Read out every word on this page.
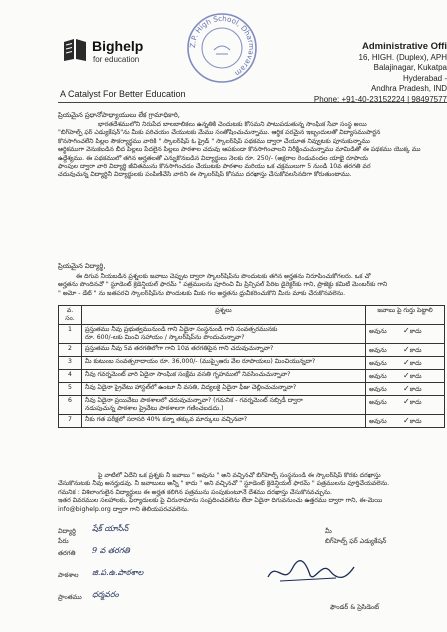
Bighelp
for education
A Catalyst For Better Education
Z.P. High School, Dharmavaram
Administrative Offi
16, HIGH. (Duplex), APH
Balajinagar, Kukatpa
Hyderabad -
Andhra Pradesh, IND
Phone: +91-40-23152224 | 98497577
ప్రియమైన ప్రధానోపాధ్యాయులు లేక గ్రామాధికారి,
భారతదేశములోని నిరుపేద బాలబాలికలు ఉన్నతికి చెందుటకు కోసమని పాటుపడుతున్న సాంఘిక సేవా సంస్థ అయి
"బిగ్‌హెల్ప్ ఫర్ ఎడ్యుకేషన్"ను మీకు పరిచయం చేయుటకు మేము సంతోషించుచున్నాము. ఆర్థిక పరమైన ఇబ్బందులతో విద్యాసముపార్జన
కొనసాగించలేని పిల్లల సౌకర్యార్థము వారికి " స్కాలర్‌షిప్ ఓ ప్రైడ్ " స్కాలర్‌షిప్ పథకము ద్వారా చేయూత నివ్వుటకు పూనుకున్నాము
ఆర్థికముగా వెనుకబడిన బీద పిల్లలు పేదలైన పిల్లలు పాఠశాల చదువు ఆపకుండా కొనసాగించాలని నిరీక్షించుచున్నాము మామిడితో ఈ పథకము యొక్క ము
ఉద్దేశ్యము. ఈ పథకములో తగిన అర్హతలతో ఎన్నుకొనబడిన విద్యార్థులు నెలకు రూ. 250/- (అక్షరాల రెండువందల యాభై రూపాయ
ఫాంపుల ద్వారా వారి విద్యార్థి జీవితమును కొనసాగించడం చేయుటకు పాఠశాల మరియు ఒక చక్రములుగా 5 నుండి 10వ తరగతి వర
చదువుచున్న విద్యార్థినీ విద్యార్థులకు పంపిణీచేసి వారిని ఈ స్కాలర్‌షిప్ కోసము దరఖాస్తు చేసుకోవలసినదిగా కోరుతుంటాము.
ప్రియమైన విద్యార్థి,
ఈ దిగువ నీయబడిన ప్రశ్నలకు జవాబు చెప్పుట ద్వారా స్కాలర్‌షిప్‌ను పొందుటకు తగిన అర్హతను నిరూపించుకోగలరు. ఒక చో
అర్హతను పొందినచో " స్టూడెంట్ క్రెడెన్షియల్ ఫారమ్ " పత్రములను పూరించి మీ ప్రిన్సిపల్ పేరిట డైరెక్టర్‌కు గాని, ప్రాజెక్టు కమిటీ మెంబర్‌కు గాని
" అమో - డేట్ " ను జతపరచి స్కాలర్‌షిప్‌ను పొందుటకు మీకు గల అర్హతను ధ్రువీకరించుకొని మీరు మాకు చేరుకొనవలెను.
వ. సం.	ప్రశ్నలు	జవాబు పై గుర్తు పెట్టాలి
1	ప్రస్తుతము నీవు ప్రభుత్వమునుండి గాని ఏదైనా సంస్థనుండి గాని సంవత్సరమునకు
రూ. 600/-లకు మించి సహాయం / స్కాలర్‌షిప్‌ను పొందుచున్నావా?	అవును ✓కాదు
2	ప్రస్తుతము నీవు 5వ తరగతిలోగా గాని 10వ తరగతిపైన గాని చదువుచున్నావా?	అవును ✓కాదు
3	మీ కుటుంబ సంవత్సరాదాయం రూ. 36,000/- (ముప్పైఆరు వేల రూపాయలు) మించియున్నదా?	అవును ✓కాదు
4	నీవు గవర్నమెంట్ వారి ఏదైనా సాంఘిక సంక్షేమ వసతి గృహములో నివసించుచున్నావా?	అవును ✓కాదు
5	నీవు ఏదైనా ప్రైవేటు హాస్టల్‌లో ఉంటూ నీ వసతి, విద్యలకై ఏదైనా ఫీజు చెల్లించుచున్నావా?	అవును ✓కాదు
6	నీవు ఏదైనా ప్రయివేటు పాఠశాలలో చదువుచున్నావా? (గమనిక - గవర్నమెంట్ సబ్సిడీ ద్వారా
నడుపుచున్న పాఠశాల ప్రైవేటు పాఠశాలగా గణించబడదు.)	అవును ✓కాదు
7	నీకు గత పరీక్షలో సరాసరి 40% కన్నా తక్కువ మార్కులు వచ్చినవా?	అవును ✓కాదు
పై వాటిలో ఏదేని ఒక ప్రశ్నకు నీ జవాబు " అవును " అని వచ్చినచో బిగ్‌హెల్ప్ సంస్థనుండి ఈ స్కాలర్‌షిప్ కొరకు దరఖాస్తు
చేసుకొనుటకు నీవు అనర్హుడవు. నీ జవాబులు అన్నీ " కాదు " అని వచ్చినచో " స్టూడెంట్ క్రెడెన్షియల్ ఫారమ్ " పత్రములను పూర్తిచేయవలెను.
గమనిక : విశిలాంగులైన విద్యార్థులు ఈ అర్హత కలిగిన పత్రమును పంపుకుంటూనే దేశము దరఖాస్తు చేసుకొనవచ్చును.
ఇతర వివరముల సలహాలకు, ఫిర్యాదులకు పై చిరునామాను సంప్రదించవలెను లేదా ఏదైనా దిగువనుంచు ఉత్తరము ద్వారా గాని, ఈ-మెయి
info@bighelp.org ద్వారా గాని తెలియపరచవలెను.
విద్యార్థి పేరు
షేక్ యాసీన్
తరగతి 9 వ తరగతి
పాఠశాల జి.ప.ఉ.పాఠశాల
ప్రాంతము ధర్మవరం
మీ
బిగ్‌హెల్ప్ ఫర్ ఎడ్యుకేషన్
ఫౌండర్ & ప్రెసిడెంట్
